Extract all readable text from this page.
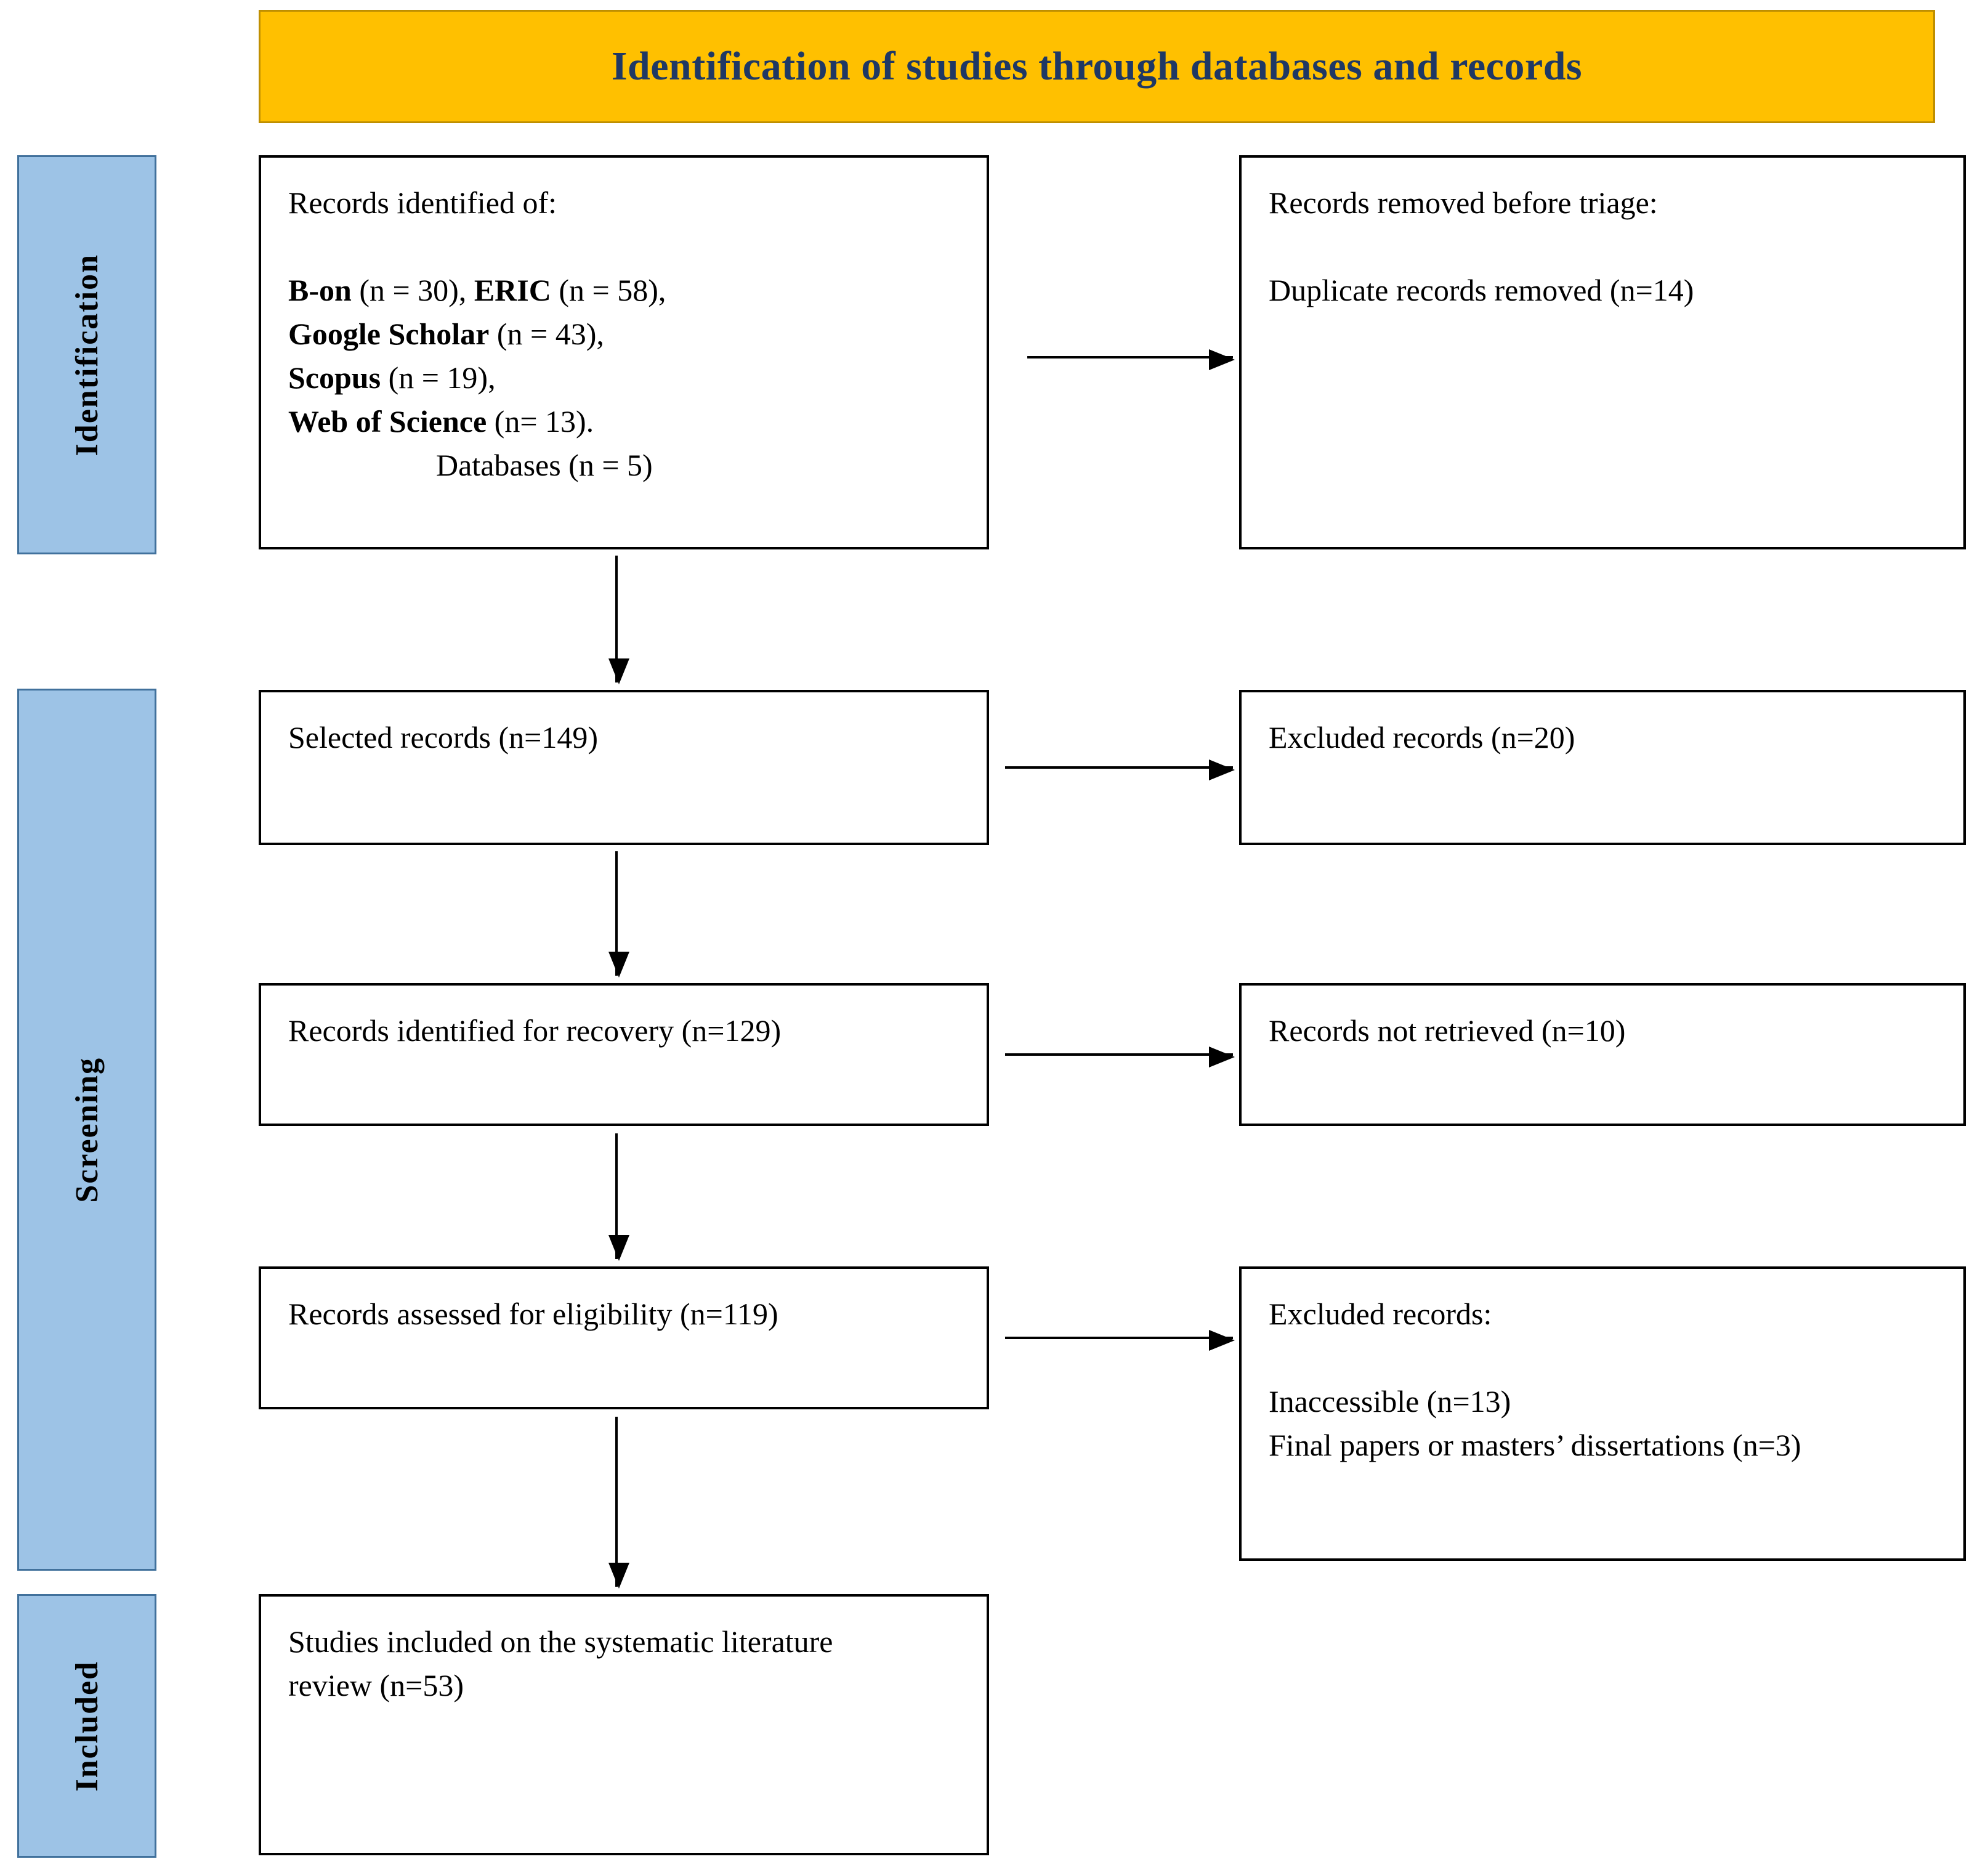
Identification of studies through databases and records
Identification
Screening
Included
Records identified of:
B-on (n = 30), ERIC (n = 58),
Google Scholar (n = 43),
Scopus (n = 19),
Web of Science (n= 13).
Databases (n = 5)
Records removed before triage:
Duplicate records removed (n=14)
Selected records (n=149)	Excluded records (n=20)
Records identified for recovery (n=129)	Records not retrieved (n=10)
Records assessed for eligibility (n=119)	Excluded records:
Inaccessible (n=13)
Final papers or masters’ dissertations (n=3)
Studies included on the systematic literature review (n=53)
